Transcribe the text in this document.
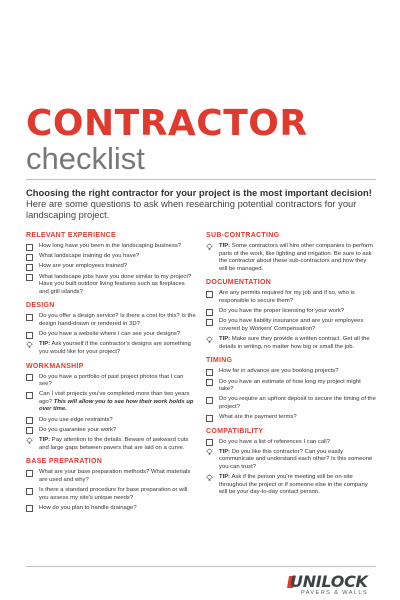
CONTRACTOR
checklist
Choosing the right contractor for your project is the most important decision! Here are some questions to ask when researching potential contractors for your landscaping project.
RELEVANT EXPERIENCE
How long have you been in the landscaping business?
What landscape training do you have?
How are your employees trained?
What landscape jobs have you done similar to my project? Have you built outdoor living features such as fireplaces and grill islands?
DESIGN
Do you offer a design service? Is there a cost for this? Is the design hand-drawn or rendered in 3D?
Do you have a website where I can see your designs?
TIP: Ask yourself if the contractor's designs are something you would like for your project?
WORKMANSHIP
Do you have a portfolio of past project photos that I can see?
Can I visit projects you've completed more than two years ago? This will allow you to see how their work holds up over time.
Do you use edge restraints?
Do you guarantee your work?
TIP: Pay attention to the details. Beware of awkward cuts and large gaps between pavers that are laid on a curve.
BASE PREPARATION
What are your base preparation methods? What materials are used and why?
Is there a standard procedure for base preparation or will you assess my site's unique needs?
How do you plan to handle drainage?
SUB-CONTRACTING
TIP: Some contractors will hire other companies to perform parts of the work, like lighting and irrigation. Be sure to ask the contractor about these sub-contractors and how they will be managed.
DOCUMENTATION
Are any permits required for my job and if so, who is responsible to secure them?
Do you have the proper licensing for your work?
Do you have liability insurance and are your employees covered by Workers' Compensation?
TIP: Make sure they provide a written contract. Get all the details in writing, no matter how big or small the job.
TIMING
How far in advance are you booking projects?
Do you have an estimate of how long my project might take?
Do you require an upfront deposit to secure the timing of the project?
What are the payment terms?
COMPATIBILITY
Do you have a list of references I can call?
TIP: Do you like this contractor? Can you easily communicate and understand each other? Is this someone you can trust?
TIP: Ask if the person you're meeting will be on-site throughout the project or if someone else in the company will be your day-to-day contact person.
UNILOCK
PAVERS & WALLS
